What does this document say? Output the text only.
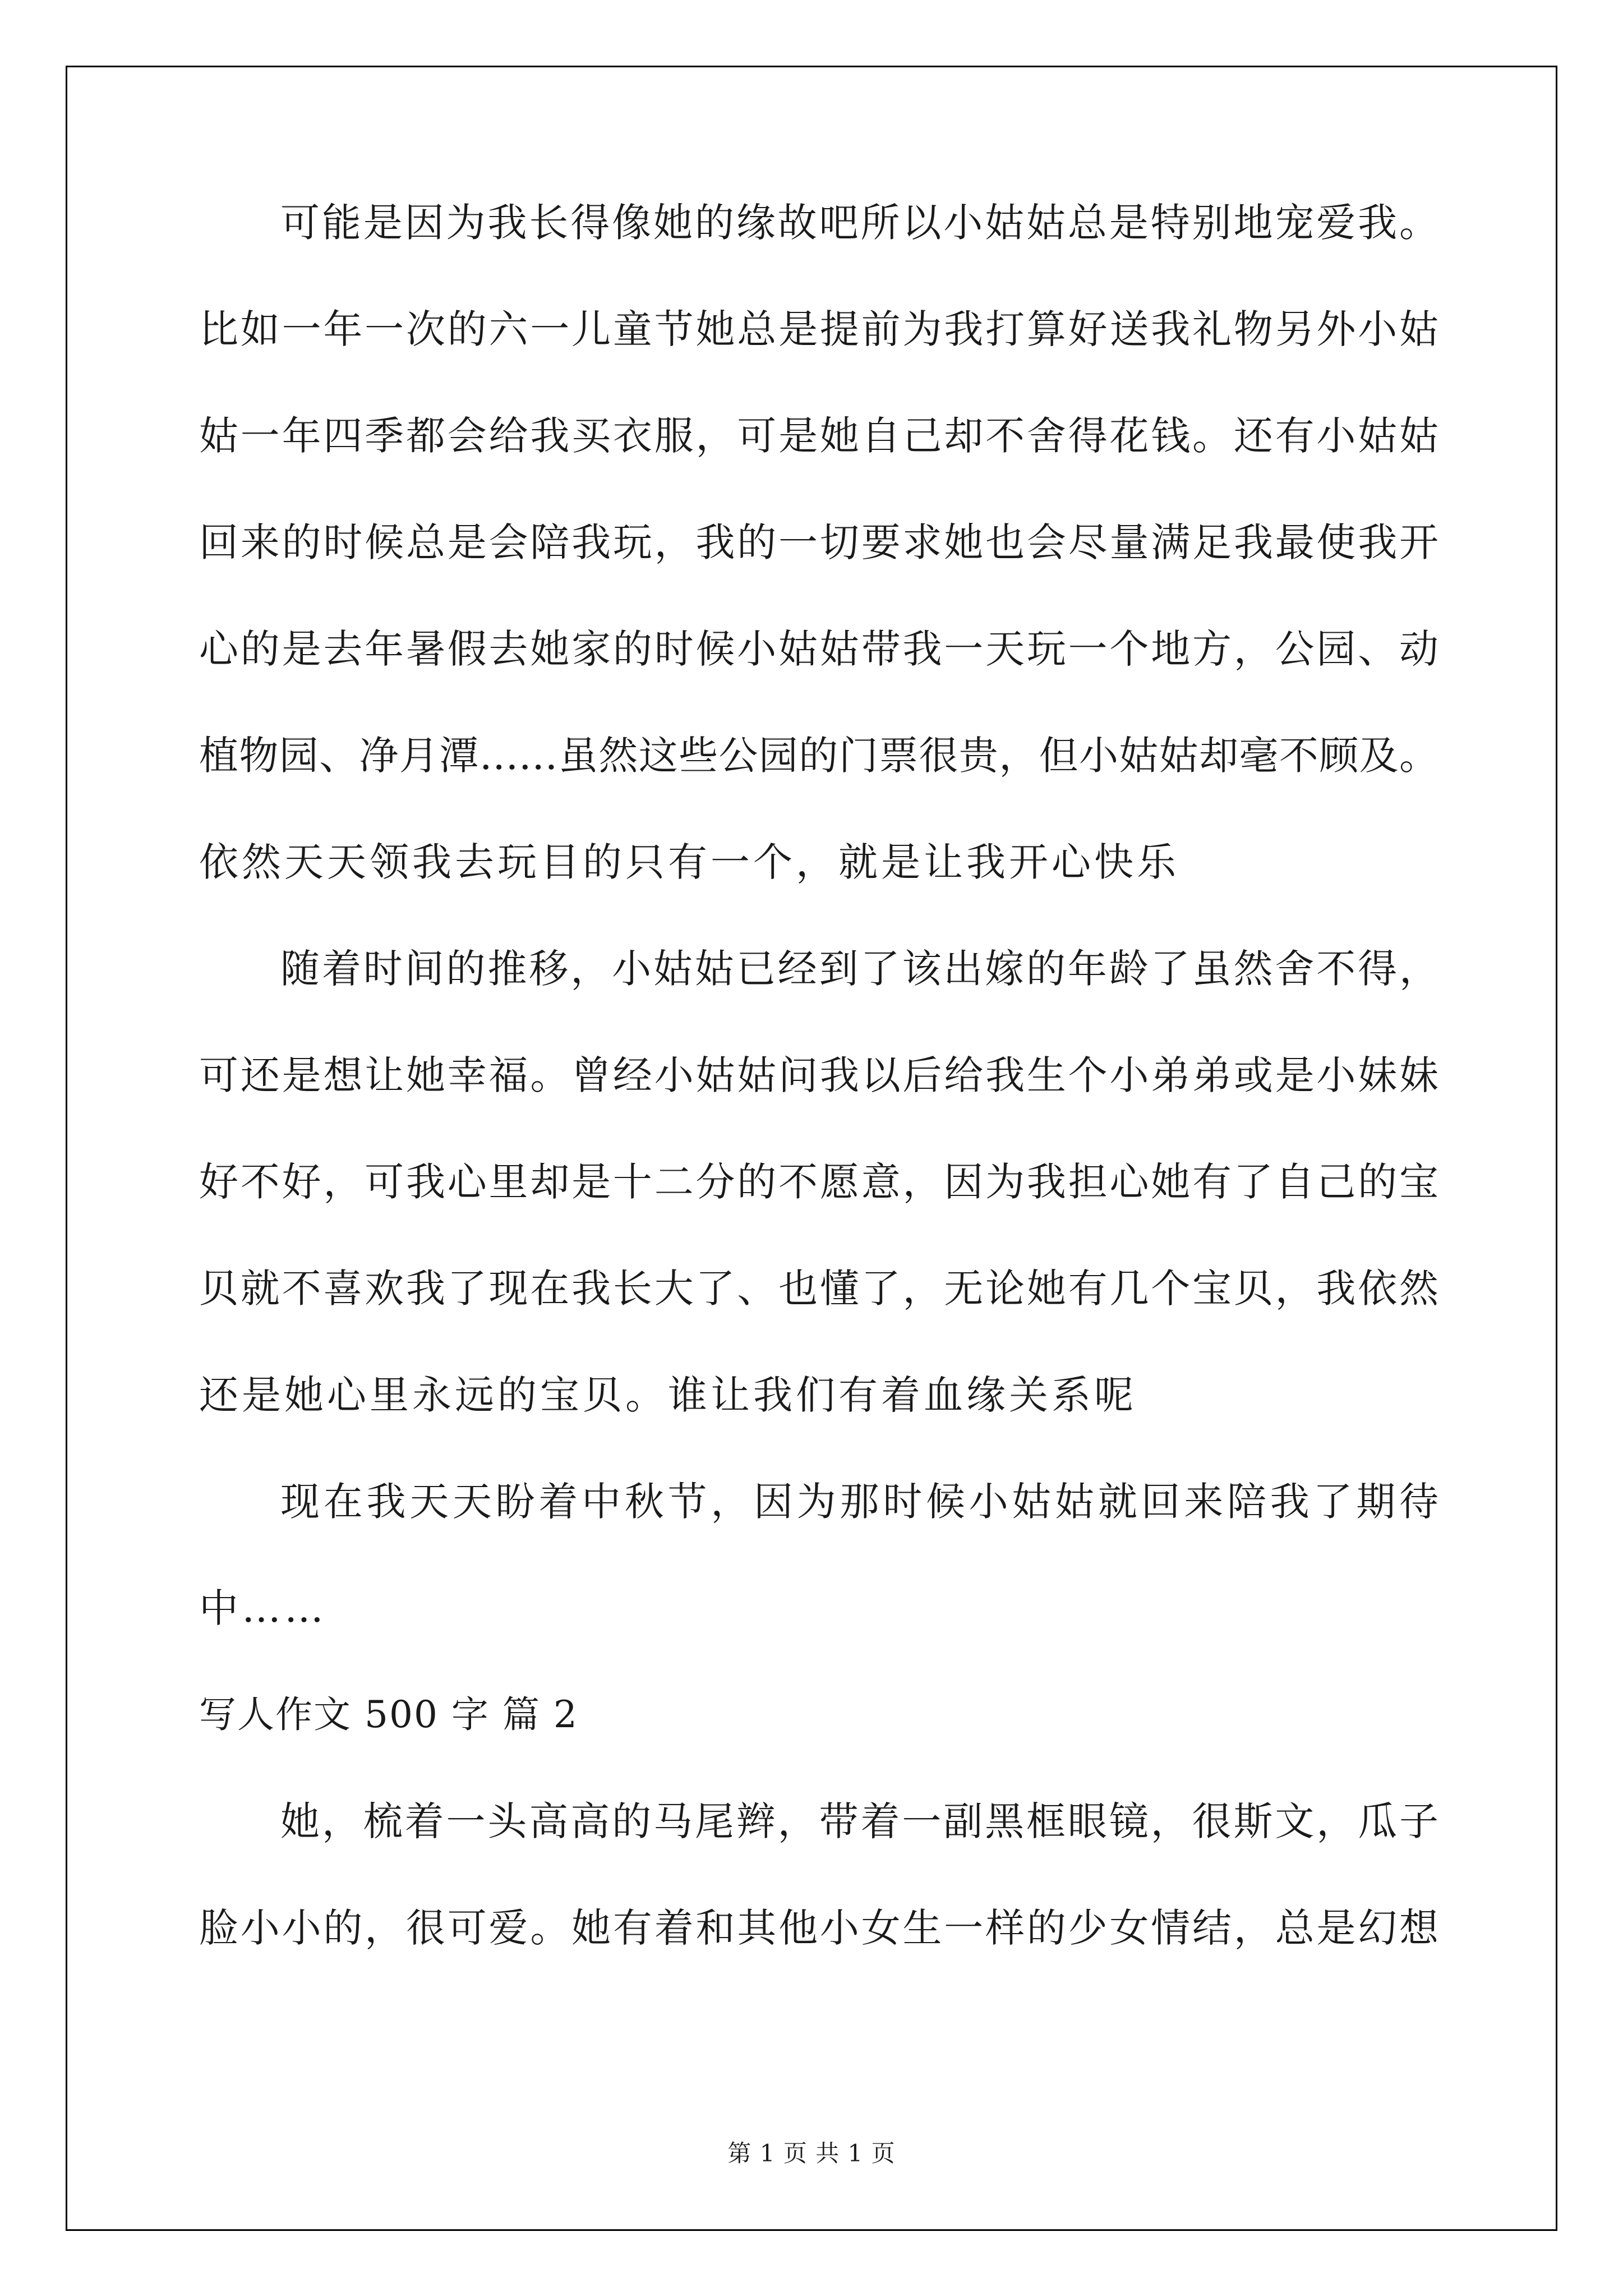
可能是因为我长得像她的缘故吧所以小姑姑总是特别地宠爱我。
比如一年一次的六一儿童节她总是提前为我打算好送我礼物另外小姑
姑一年四季都会给我买衣服，可是她自己却不舍得花钱。还有小姑姑
回来的时候总是会陪我玩，我的一切要求她也会尽量满足我最使我开
心的是去年暑假去她家的时候小姑姑带我一天玩一个地方，公园、动
植物园、净月潭……虽然这些公园的门票很贵，但小姑姑却毫不顾及。
依然天天领我去玩目的只有一个，就是让我开心快乐
随着时间的推移，小姑姑已经到了该出嫁的年龄了虽然舍不得，
可还是想让她幸福。曾经小姑姑问我以后给我生个小弟弟或是小妹妹
好不好，可我心里却是十二分的不愿意，因为我担心她有了自己的宝
贝就不喜欢我了现在我长大了、也懂了，无论她有几个宝贝，我依然
还是她心里永远的宝贝。谁让我们有着血缘关系呢
现在我天天盼着中秋节，因为那时候小姑姑就回来陪我了期待
中……
写人作文 500 字 篇 2
她，梳着一头高高的马尾辫，带着一副黑框眼镜，很斯文，瓜子
脸小小的，很可爱。她有着和其他小女生一样的少女情结，总是幻想
第 1 页 共 1 页
